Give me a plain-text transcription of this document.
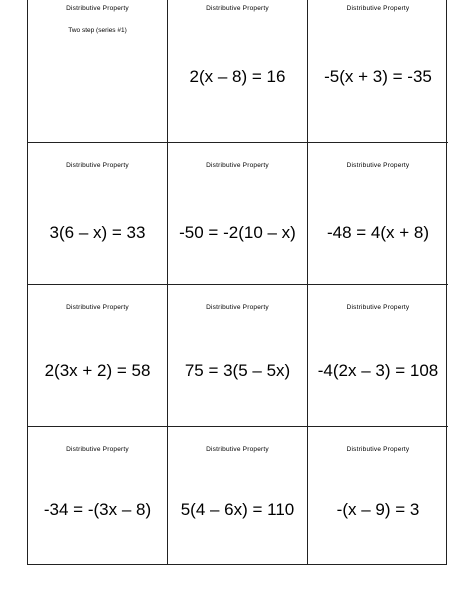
Distributive Property
Two step (series #1)
Distributive Property
2(x – 8) = 16
Distributive Property
-5(x + 3) = -35
Distributive Property
3(6 – x) = 33
Distributive Property
-50 = -2(10 – x)
Distributive Property
-48 = 4(x + 8)
Distributive Property
2(3x + 2) = 58
Distributive Property
75 = 3(5 – 5x)
Distributive Property
-4(2x – 3) = 108
Distributive Property
-34 = -(3x – 8)
Distributive Property
5(4 – 6x) = 110
Distributive Property
-(x – 9) = 3
